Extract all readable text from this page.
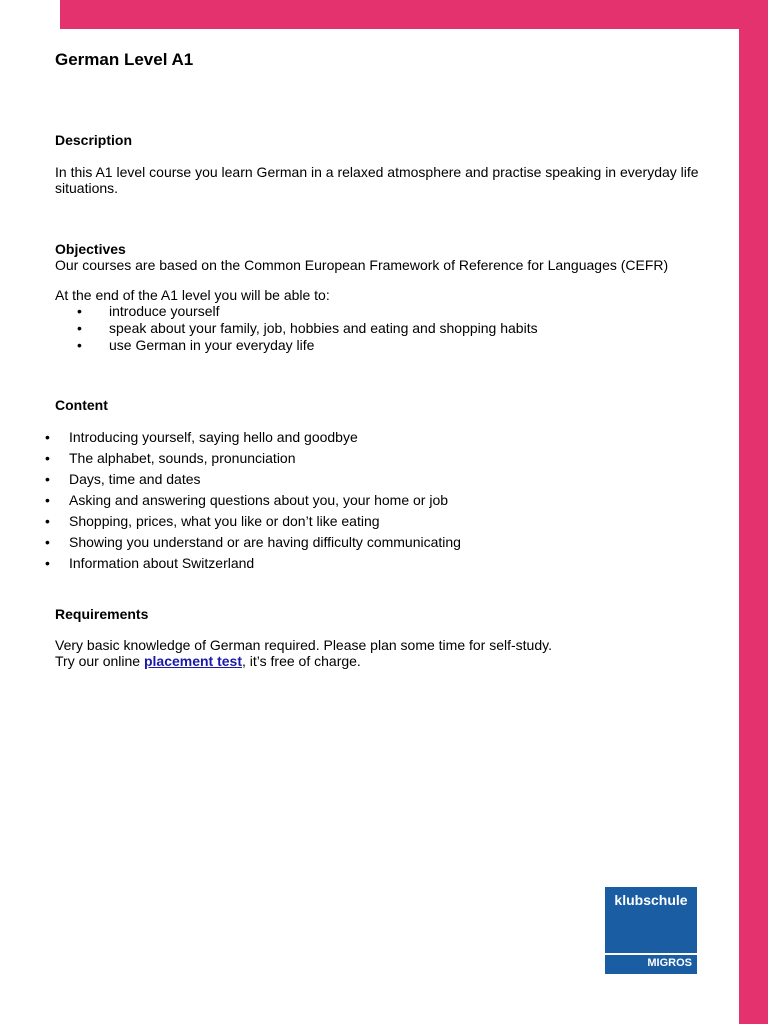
German Level A1
Description

In this A1 level course you learn German in a relaxed atmosphere and practise speaking in everyday life situations.

Objectives

Our courses are based on the Common European Framework of Reference for Languages (CEFR)

At the end of the A1 level you will be able to:

• introduce yourself
• speak about your family, job, hobbies and eating and shopping habits
• use German in your everyday life
Content
• Introducing yourself, saying hello and goodbye
• The alphabet, sounds, pronunciation
• Days, time and dates
• Asking and answering questions about you, your home or job
• Shopping, prices, what you like or don’t like eating
• Showing you understand or are having difficulty communicating
• Information about Switzerland
Requirements

Very basic knowledge of German required. Please plan some time for self-study.

Try our online placement test, it’s free of charge.

klubschule
MIGROS
